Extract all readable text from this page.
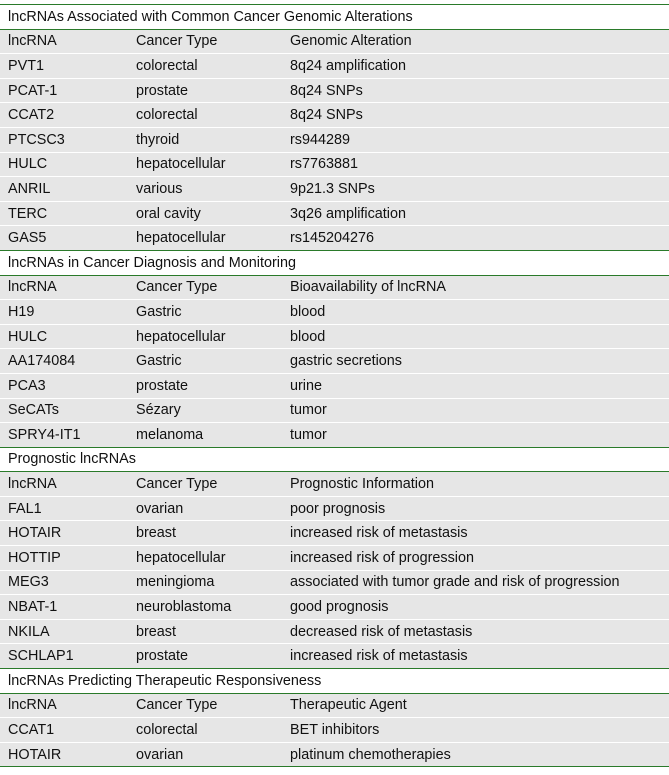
lncRNAs Associated with Common Cancer Genomic Alterations		
lncRNA	Cancer Type	Genomic Alteration
PVT1	colorectal	8q24 amplification
PCAT-1	prostate	8q24 SNPs
CCAT2	colorectal	8q24 SNPs
PTCSC3	thyroid	rs944289
HULC	hepatocellular	rs7763881
ANRIL	various	9p21.3 SNPs
TERC	oral cavity	3q26 amplification
GAS5	hepatocellular	rs145204276
lncRNAs in Cancer Diagnosis and Monitoring		
lncRNA	Cancer Type	Bioavailability of lncRNA
H19	Gastric	blood
HULC	hepatocellular	blood
AA174084	Gastric	gastric secretions
PCA3	prostate	urine
SeCATs	Sézary	tumor
SPRY4-IT1	melanoma	tumor
Prognostic lncRNAs		
lncRNA	Cancer Type	Prognostic Information
FAL1	ovarian	poor prognosis
HOTAIR	breast	increased risk of metastasis
HOTTIP	hepatocellular	increased risk of progression
MEG3	meningioma	associated with tumor grade and risk of progression
NBAT-1	neuroblastoma	good prognosis
NKILA	breast	decreased risk of metastasis
SCHLAP1	prostate	increased risk of metastasis
lncRNAs Predicting Therapeutic Responsiveness		
lncRNA	Cancer Type	Therapeutic Agent
CCAT1	colorectal	BET inhibitors
HOTAIR	ovarian	platinum chemotherapies
